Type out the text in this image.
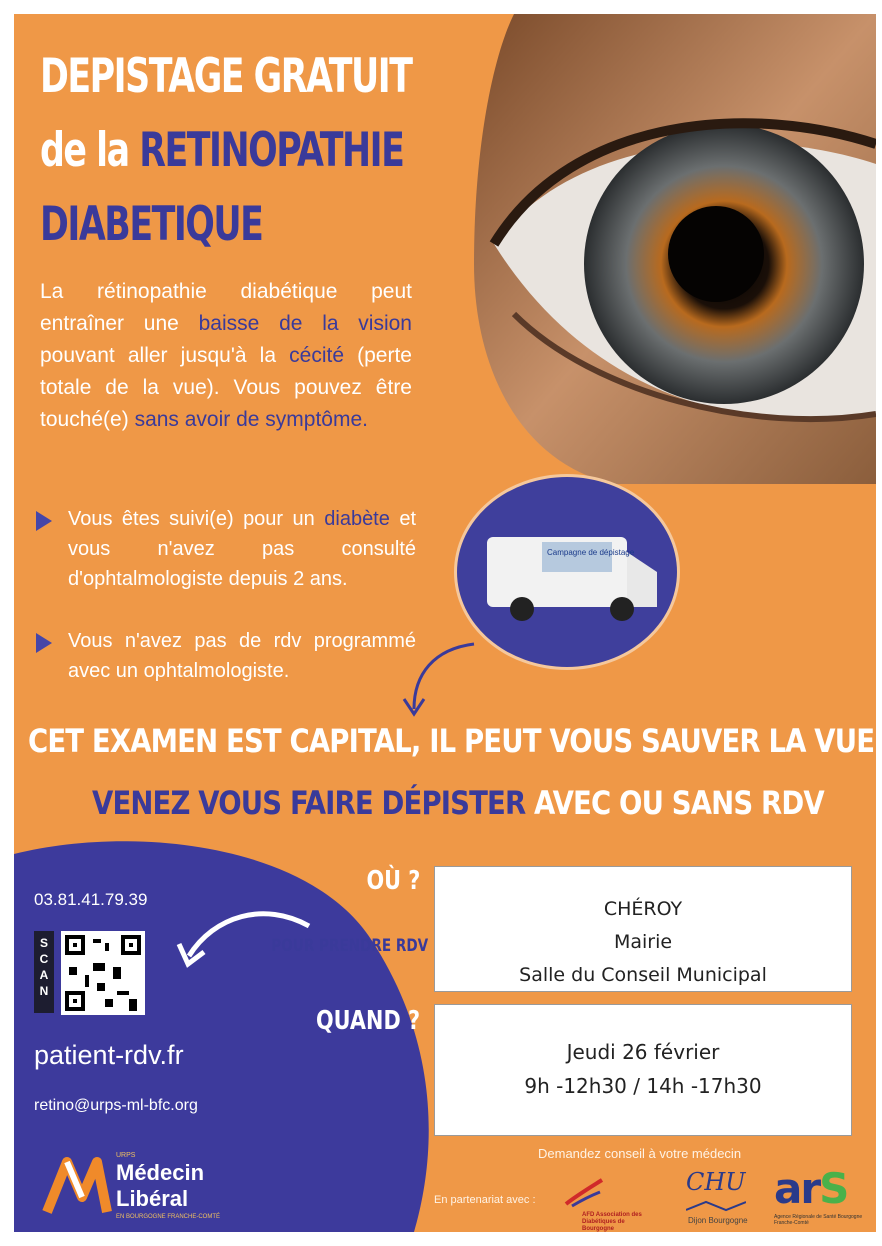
DEPISTAGE GRATUIT
de la RETINOPATHIE
DIABETIQUE
La rétinopathie diabétique peut entraîner une baisse de la vision pouvant aller jusqu'à la cécité (perte totale de la vue). Vous pouvez être touché(e) sans avoir de symptôme.
Vous êtes suivi(e) pour un diabète et vous n'avez pas consulté d'ophtalmologiste depuis 2 ans.
Vous n'avez pas de rdv programmé avec un ophtalmologiste.
Campagne de dépistage
CET EXAMEN EST CAPITAL, IL PEUT VOUS SAUVER LA VUE
VENEZ VOUS FAIRE DÉPISTER AVEC OU SANS RDV
03.81.41.79.39
S
C
A
N
patient-rdv.fr
retino@urps-ml-bfc.org
URPS
Médecin
Libéral
EN BOURGOGNE FRANCHE-COMTÉ
OÙ ?
POUR PRENDRE RDV
QUAND ?
CHÉROY
Mairie
Salle du Conseil Municipal
Jeudi 26 février
9h -12h30 / 14h -17h30
Demandez conseil à votre médecin
En partenariat avec :
AFD Association des Diabétiques de Bourgogne
CHU
Dijon Bourgogne
arS
Agence Régionale de Santé Bourgogne Franche-Comté
